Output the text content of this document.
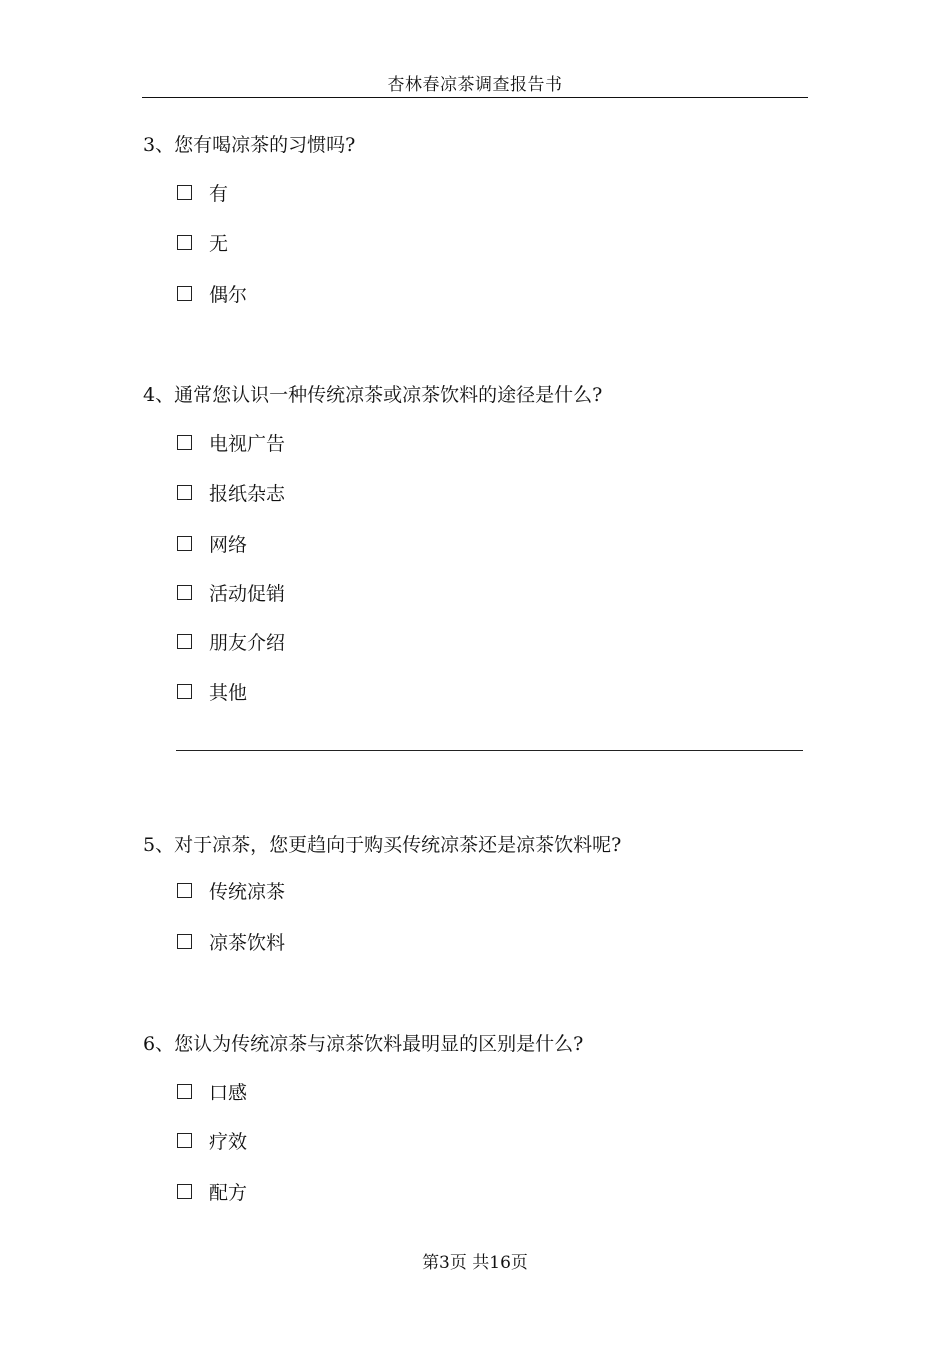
杏林春凉茶调查报告书
3、您有喝凉茶的习惯吗?
有
无
偶尔
4、通常您认识一种传统凉茶或凉茶饮料的途径是什么?
电视广告
报纸杂志
网络
活动促销
朋友介绍
其他
5、对于凉茶，您更趋向于购买传统凉茶还是凉茶饮料呢?
传统凉茶
凉茶饮料
6、您认为传统凉茶与凉茶饮料最明显的区别是什么?
口感
疗效
配方
第3页 共16页
